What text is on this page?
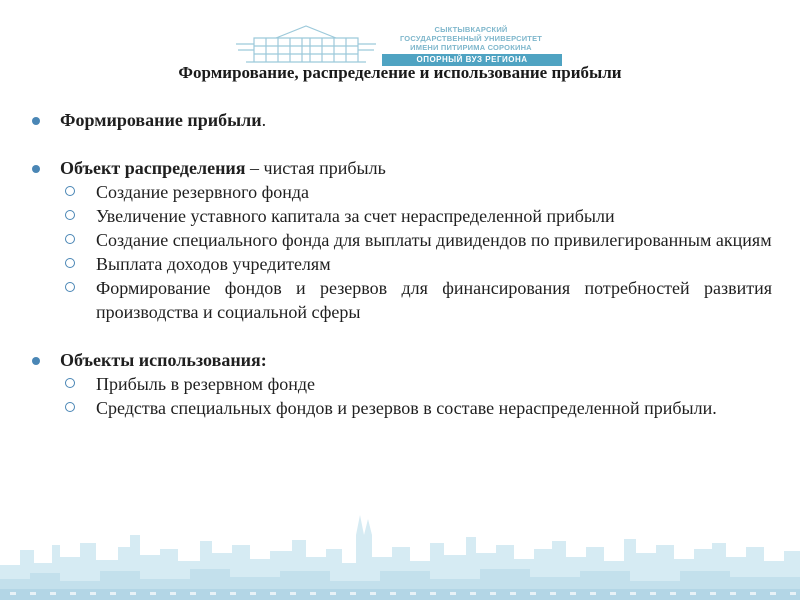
СЫКТЫВКАРСКИЙ
ГОСУДАРСТВЕННЫЙ УНИВЕРСИТЕТ
ИМЕНИ ПИТИРИМА СОРОКИНА
ОПОРНЫЙ ВУЗ РЕГИОНА
Формирование, распределение и использование прибыли
Формирование прибыли.
Объект распределения – чистая прибыль
Создание резервного фонда
Увеличение уставного капитала за счет нераспределенной прибыли
Создание специального фонда для выплаты дивидендов по привилегированным акциям
Выплата доходов учредителям
Формирование фондов и резервов для финансирования потребностей развития производства и социальной сферы
Объекты использования:
Прибыль в резервном фонде
Средства специальных фондов и резервов в составе нераспределенной прибыли.
